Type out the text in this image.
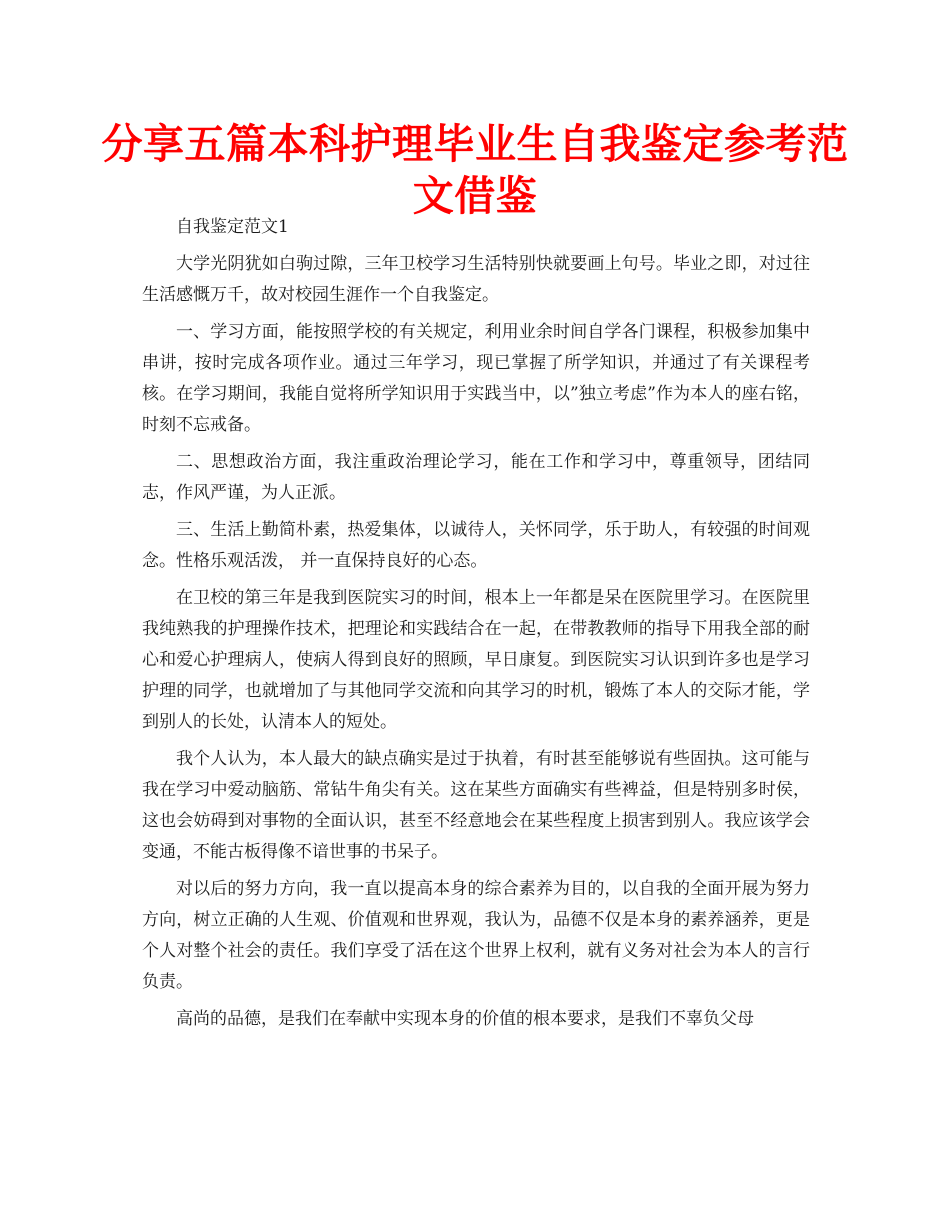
分享五篇本科护理毕业生自我鉴定参考范文借鉴

自我鉴定范文1

大学光阴犹如白驹过隙，三年卫校学习生活特别快就要画上句号。毕业之即，对过往生活感慨万千，故对校园生涯作一个自我鉴定。

一、学习方面，能按照学校的有关规定，利用业余时间自学各门课程，积极参加集中串讲，按时完成各项作业。通过三年学习，现已掌握了所学知识，并通过了有关课程考核。在学习期间，我能自觉将所学知识用于实践当中，以”独立考虑”作为本人的座右铭，时刻不忘戒备。

二、思想政治方面，我注重政治理论学习，能在工作和学习中，尊重领导，团结同志，作风严谨，为人正派。

三、生活上勤简朴素，热爱集体，以诚待人，关怀同学，乐于助人，有较强的时间观念。性格乐观活泼， 并一直保持良好的心态。

在卫校的第三年是我到医院实习的时间，根本上一年都是呆在医院里学习。在医院里我纯熟我的护理操作技术，把理论和实践结合在一起，在带教教师的指导下用我全部的耐心和爱心护理病人，使病人得到良好的照顾，早日康复。到医院实习认识到许多也是学习护理的同学，也就增加了与其他同学交流和向其学习的时机，锻炼了本人的交际才能，学到别人的长处，认清本人的短处。

我个人认为，本人最大的缺点确实是过于执着，有时甚至能够说有些固执。这可能与我在学习中爱动脑筋、常钻牛角尖有关。这在某些方面确实有些裨益，但是特别多时侯，这也会妨碍到对事物的全面认识，甚至不经意地会在某些程度上损害到别人。我应该学会变通，不能古板得像不谙世事的书呆子。

对以后的努力方向，我一直以提高本身的综合素养为目的，以自我的全面开展为努力方向，树立正确的人生观、价值观和世界观，我认为，品德不仅是本身的素养涵养，更是个人对整个社会的责任。我们享受了活在这个世界上权利，就有义务对社会为本人的言行负责。

高尚的品德，是我们在奉献中实现本身的价值的根本要求，是我们不辜负父母
